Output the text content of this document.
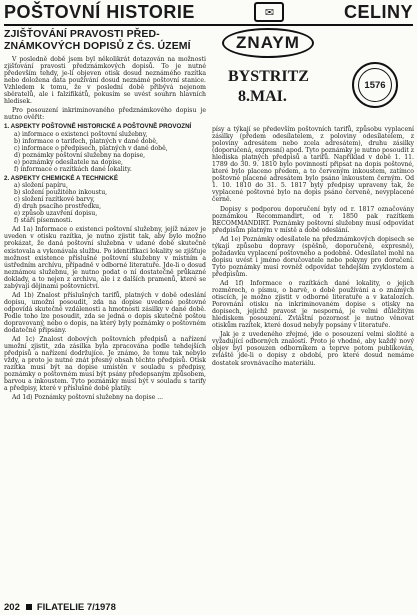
POŠTOVNÍ HISTORIE	✉	CELINY
ZJIŠŤOVÁNÍ PRAVOSTI PŘED-
ZNÁMKOVÝCH DOPISŮ Z ČS. ÚZEMÍ

V posledně době jsem byl několikrát dotazován na možnosti zjišťování pravosti předznámkových dopisů. To je nutné především tehdy, je-li objeven otisk dosud neznámého razítka nebo doložena data používání dosud neznámé poštovní stanice. Vzhledem k tomu, že v poslední době přibývá nejenom sběratelů, ale i falzifikátů, pokusím se uvést souhrn hlavních hledisek.

Pro posouzení inkriminovaného předznámkového dopisu je nutno ověřit:

1. ASPEKTY POŠTOVNĚ HISTORICKÉ A POŠTOVNĚ PROVOZNÍ
a) informace o existenci poštovní služebny,
b) informace o tarifech, platných v dané době,
c) informace o předpisech, platných v dané době,
d) poznámky poštovní služebny na dopise,
e) poznámky odesílatele na dopise,
f) informace o razítkách dané lokality.
2. ASPEKTY CHEMICKÉ A TECHNICKÉ
a) složení papíru,
b) složení použitého inkoustu,
c) složení razítkové barvy,
d) druh psacího prostředku,
e) způsob uzavření dopisu,
f) stáří písemnosti.

Ad 1a) Informace o existenci poštovní služebny, jejíž název je uveden v otisku razítka, je nutno zjistit tak, aby bylo možno prokázat, že daná poštovní služebna v udané době skutečně existovala a vykonávala službu. Po identifikaci lokality se zjišťuje možnost existence příslušné poštovní služebny v místním a ústředním archívu, případně v odborné literatuře. Jde-li o dosud neznámou služebnu, je nutno podat o ní dostatečně průkazné doklady, a to nejen z archivu, ale i z dalších pramenů, které se zabývají dějinami poštovnictví.

Ad 1b) Znalost příslušných tarifů, platných v době odeslání dopisu, umožní posoudit, zda na dopise uvedené poštovné odpovídá skutečné vzdálenosti a hmotnosti zásilky v dané době. Podle toho lze posoudit, zda se jedná o dopis skutečně poštou dopravovaný, nebo o dopis, na který byly poznámky o poštovném dodatečně připsány.

Ad 1c) Znalost dobových poštovních předpisů a nařízení umožní zjistit, zda zásilka byla zpracována podle tehdejších předpisů a nařízení dodržujíce. Je známo, že tomu tak nebylo vždy, a proto je nutné znát přesný obsah těchto předpisů. Otisk razítka musí být na dopise umístěn v souladu s předpisy, poznámky o poštovném musí být psány předepsaným způsobem, barvou a inkoustem. Tyto poznámky musí být v souladu s tarify a předpisy, které v příslušné době platily.

Ad 1d) Poznámky poštovní služebny na dopise ...

ZNAYM
BYSTRITZ
8.MAI.
1576

písy a týkají se především poštovních tarifů, způsobu vyplacení zásilky (předem odesílatelem, z poloviny odesílatelem, z poloviny adresátem nebo zcela adresátem), druhu zásilky (doporučená, expresní) apod. Tyto poznámky je nutno posoudit z hlediska platných předpisů a tarifů. Například v době 1. 11. 1789 do 30. 9. 1810 bylo povinností připsat na dopis poštovné, které bylo placeno předem, a to červeným inkoustem, zatímco poštovné placené adresátem bylo psáno inkoustem černým. Od 1. 10. 1810 do 31. 5. 1817 byly předpisy upraveny tak, že vyplacené poštovné bylo na dopis psáno červeně, nevyplacené černě.

Dopisy s podporou doporučení byly od r. 1817 označovány poznámkou Recommandirt, od r. 1850 pak razítkem RECOMMANDIRT. Poznámky poštovní služebny musí odpovídat předpisům platným v místě a době odeslání.

Ad 1e) Poznámky odesílatele na předznámkových dopisech se týkají způsobu dopravy (spěšně, doporučeně, expresně), požadavku vyplacení poštovného a podobně. Odesílatel mohl na dopisu uvést i jméno doručovatele nebo pokyny pro doručení. Tyto poznámky musí rovněž odpovídat tehdejším zvyklostem a předpisům.

Ad 1f) Informace o razítkách dané lokality, o jejich rozměrech, o písmu, o barvě, o době používání a o známých otiscích, je možno zjistit v odborné literatuře a v katalozích. Porovnání otisku na inkriminovaném dopise s otisky na dopisech, jejichž pravost je nesporná, je velmi důležitým hlediskem posouzení. Zvláštní pozornost je nutno věnovat otiskům razítek, které dosud nebyly popsány v literatuře.

Jak je z uvedeného zřejmé, jde o posouzení velmi složité a vyžadující odborných znalostí. Proto je vhodné, aby každý nový objev byl posouzen odborníkem a teprve potom publikován, zvláště jde-li o dopisy z období, pro které dosud nemáme dostatek srovnávacího materiálu.

202 FILATELIE 7/1978
